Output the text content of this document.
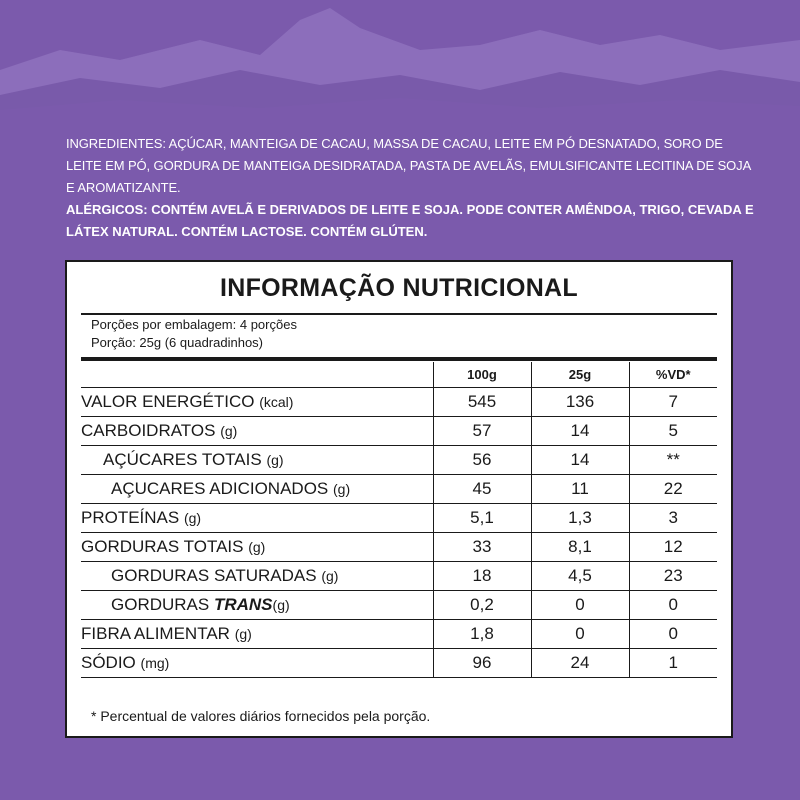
INGREDIENTES: AÇÚCAR, MANTEIGA DE CACAU, MASSA DE CACAU, LEITE EM PÓ DESNATADO, SORO DE LEITE EM PÓ, GORDURA DE MANTEIGA DESIDRATADA, PASTA DE AVELÃS, EMULSIFICANTE LECITINA DE SOJA E AROMATIZANTE.
ALÉRGICOS: CONTÉM AVELÃ E DERIVADOS DE LEITE E SOJA. PODE CONTER AMÊNDOA, TRIGO, CEVADA E LÁTEX NATURAL. CONTÉM LACTOSE. CONTÉM GLÚTEN.
INFORMAÇÃO NUTRICIONAL
Porções por embalagem: 4 porções
Porção: 25g (6 quadradinhos)
	100g	25g	%VD*
VALOR ENERGÉTICO (kcal)	545	136	7
CARBOIDRATOS (g)	57	14	5
AÇÚCARES TOTAIS (g)	56	14	**
AÇUCARES ADICIONADOS (g)	45	11	22
PROTEÍNAS (g)	5,1	1,3	3
GORDURAS TOTAIS (g)	33	8,1	12
GORDURAS SATURADAS (g)	18	4,5	23
GORDURAS TRANS(g)	0,2	0	0
FIBRA ALIMENTAR (g)	1,8	0	0
SÓDIO (mg)	96	24	1
* Percentual de valores diários fornecidos pela porção.
